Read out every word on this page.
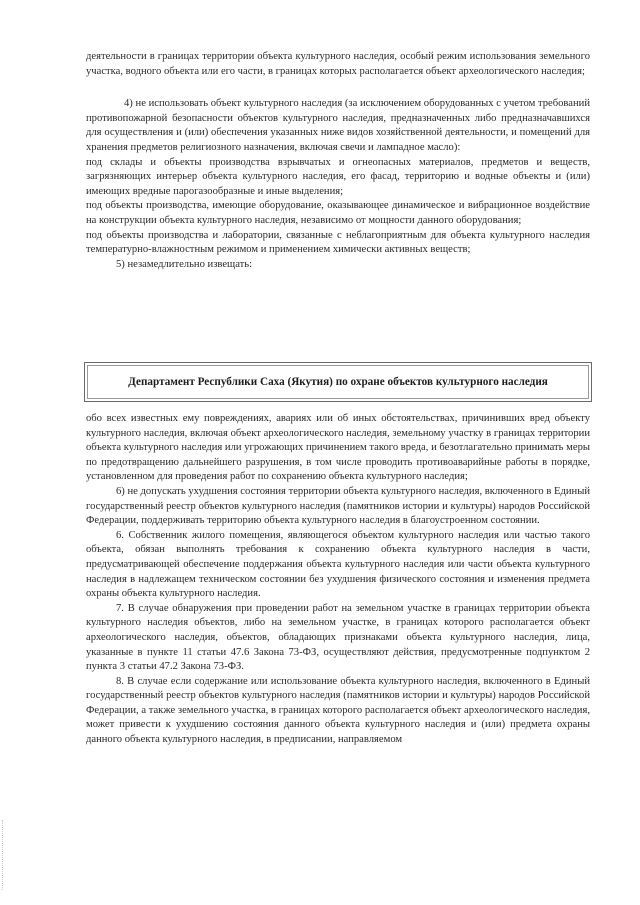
деятельности в границах территории объекта культурного наследия, особый режим использования земельного участка, водного объекта или его части, в границах которых располагается объект археологического наследия;

4) не использовать объект культурного наследия (за исключением оборудованных с учетом требований противопожарной безопасности объектов культурного наследия, предназначенных либо предназначавшихся для осуществления и (или) обеспечения указанных ниже видов хозяйственной деятельности, и помещений для хранения предметов религиозного назначения, включая свечи и лампадное масло):

под склады и объекты производства взрывчатых и огнеопасных материалов, предметов и веществ, загрязняющих интерьер объекта культурного наследия, его фасад, территорию и водные объекты и (или) имеющих вредные парогазообразные и иные выделения;

под объекты производства, имеющие оборудование, оказывающее динамическое и вибрационное воздействие на конструкции объекта культурного наследия, независимо от мощности данного оборудования;

под объекты производства и лаборатории, связанные с неблагоприятным для объекта культурного наследия температурно-влажностным режимом и применением химически активных веществ;

5) незамедлительно извещать:

Департамент Республики Саха (Якутия) по охране объектов культурного наследия

обо всех известных ему повреждениях, авариях или об иных обстоятельствах, причинивших вред объекту культурного наследия, включая объект археологического наследия, земельному участку в границах территории объекта культурного наследия или угрожающих причинением такого вреда, и безотлагательно принимать меры по предотвращению дальнейшего разрушения, в том числе проводить противоаварийные работы в порядке, установленном для проведения работ по сохранению объекта культурного наследия;

6) не допускать ухудшения состояния территории объекта культурного наследия, включенного в Единый государственный реестр объектов культурного наследия (памятников истории и культуры) народов Российской Федерации, поддерживать территорию объекта культурного наследия в благоустроенном состоянии.

6. Собственник жилого помещения, являющегося объектом культурного наследия или частью такого объекта, обязан выполнять требования к сохранению объекта культурного наследия в части, предусматривающей обеспечение поддержания объекта культурного наследия или части объекта культурного наследия в надлежащем техническом состоянии без ухудшения физического состояния и изменения предмета охраны объекта культурного наследия.

7. В случае обнаружения при проведении работ на земельном участке в границах территории объекта культурного наследия объектов, либо на земельном участке, в границах которого располагается объект археологического наследия, объектов, обладающих признаками объекта культурного наследия, лица, указанные в пункте 11 статьи 47.6 Закона 73-ФЗ, осуществляют действия, предусмотренные подпунктом 2 пункта 3 статьи 47.2 Закона 73-ФЗ.

8. В случае если содержание или использование объекта культурного наследия, включенного в Единый государственный реестр объектов культурного наследия (памятников истории и культуры) народов Российской Федерации, а также земельного участка, в границах которого располагается объект археологического наследия, может привести к ухудшению состояния данного объекта культурного наследия и (или) предмета охраны данного объекта культурного наследия, в предписании, направляемом
